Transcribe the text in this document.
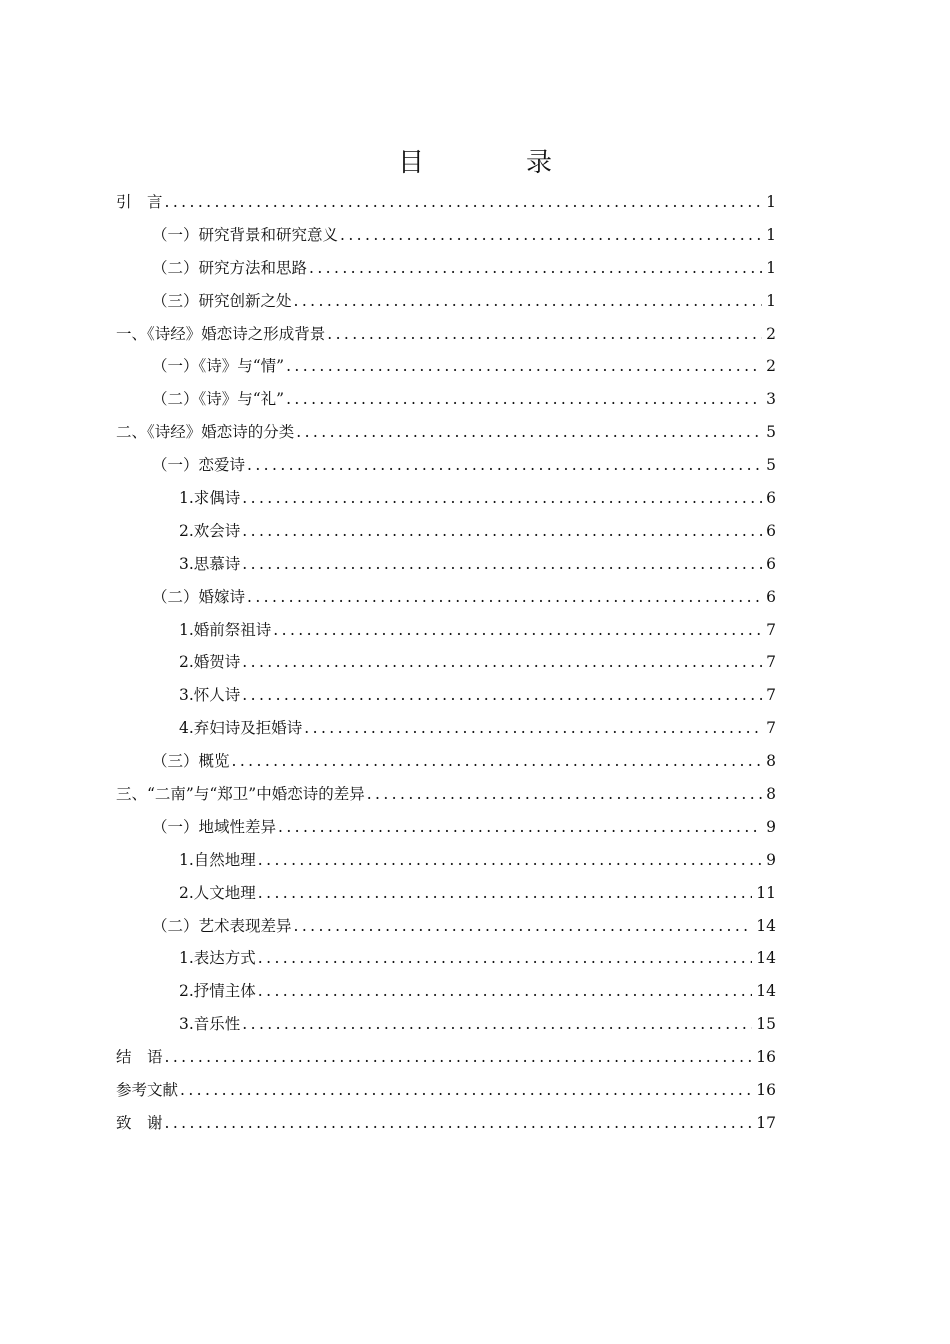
目　录
引　言 .....	1
（一）研究背景和研究意义 .....	1
（二）研究方法和思路 .....	1
（三）研究创新之处 .....	1
一、《诗经》婚恋诗之形成背景 .....	2
（一）《诗》与“情” .....	2
（二）《诗》与“礼” .....	3
二、《诗经》婚恋诗的分类 .....	5
（一）恋爱诗 .....	5
1.求偶诗 .....	6
2.欢会诗 .....	6
3.思慕诗 .....	6
（二）婚嫁诗 .....	6
1.婚前祭祖诗 .....	7
2.婚贺诗 .....	7
3.怀人诗 .....	7
4.弃妇诗及拒婚诗 .....	7
（三）概览 .....	8
三、“二南”与“郑卫”中婚恋诗的差异 .....	8
（一）地域性差异 .....	9
1.自然地理 .....	9
2.人文地理 .....	11
（二）艺术表现差异 .....	14
1.表达方式 .....	14
2.抒情主体 .....	14
3.音乐性 .....	15
结　语 .....	16
参考文献 .....	16
致　谢 .....	17
